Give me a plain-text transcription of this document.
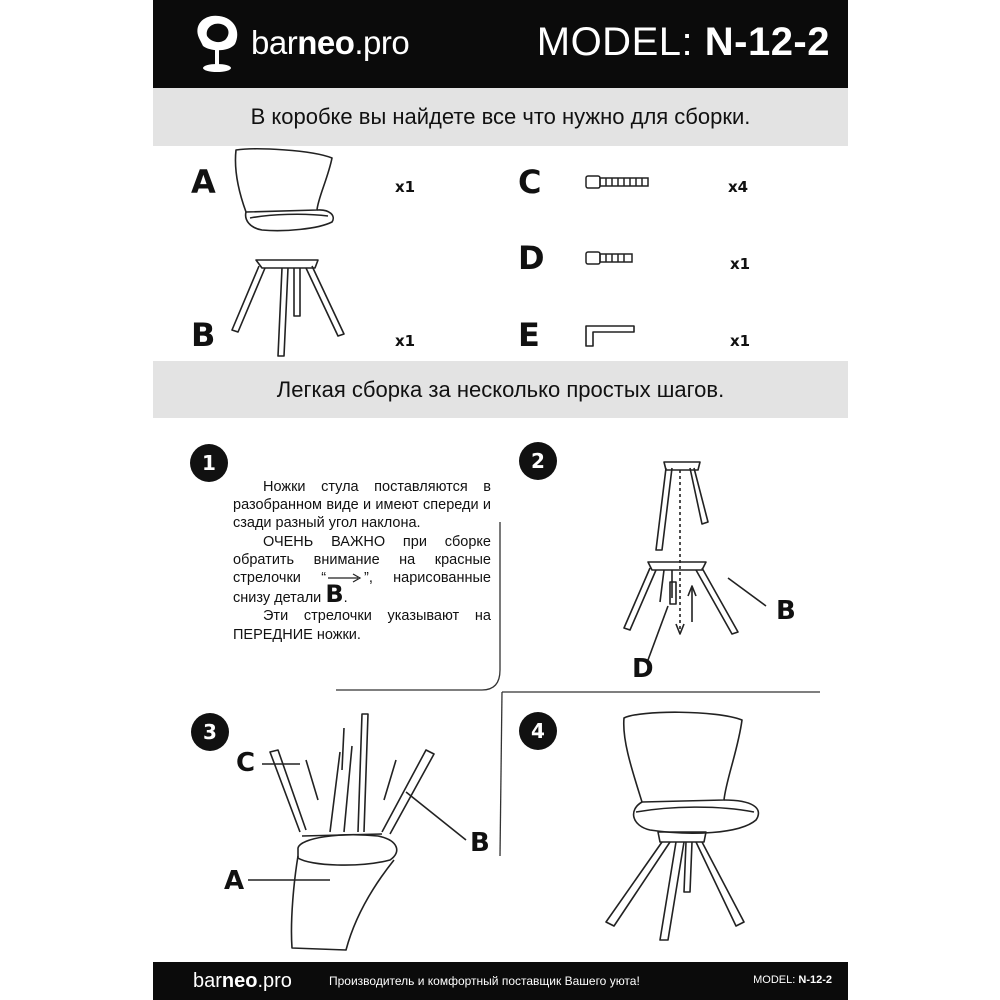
barneo.pro	MODEL: N-12-2
В коробке вы найдете все что нужно для сборки.
A	x1
B	x1
C	x4
D	x1
E	x1
Легкая сборка за несколько простых шагов.
1	2
3	4

Ножки стула поставляются в разобранном виде и имеют спереди и сзади разный угол наклона.

ОЧЕНЬ ВАЖНО при сборке обратить внимание на красные стрелочки “	”, нарисованные снизу детали B.

Эти стрелочки указывают на ПЕРЕДНИЕ ножки.

B
D
C
B
A
barneo.pro	Производитель и комфортный поставщик Вашего уюта!	MODEL: N-12-2
